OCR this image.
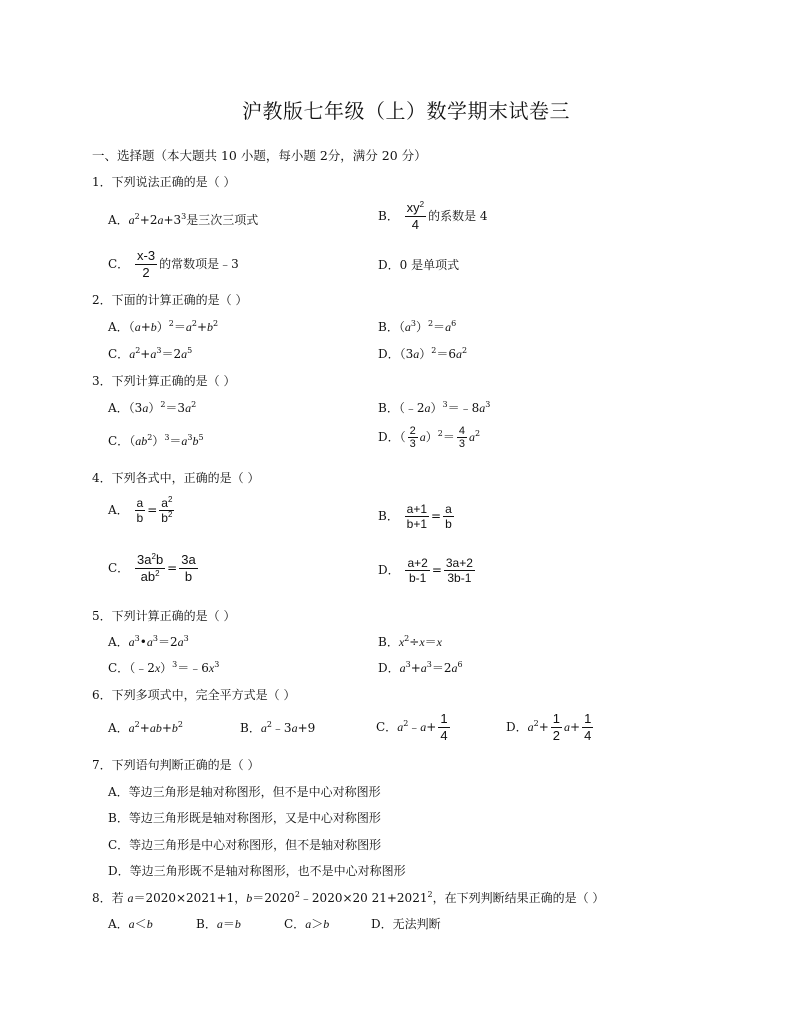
沪教版七年级（上）数学期末试卷三
一、选择题（本大题共 10 小题，每小题 2分，满分 20 分）
1．下列说法正确的是（ ）
A．$a^2+2a+3^3$是三次三项式	B． $\frac{xy^2}{4}$ 的系数是 4
C． $\frac{x-3}{2}$ 的常数项是﹣3	D．0 是单项式
2．下面的计算正确的是（ ）
A．$(a+b)^2=a^2+b^2$	B．$(a^3)^2=a^6$
C．$a^2+a^3=2a^5$	D．$(3a)^2=6a^2$
3．下列计算正确的是（ ）
A．$(3a)^2=3a^2$	B．$(﹣2a)^3=﹣8a^3$
C．$(ab^2)^3=a^3b^5$	D．（ $\frac{2}{3} a)^2= \frac{4}{3} a^2$
4．下列各式中，正确的是（ ）
A． $\frac{a}{b} = \frac{a^2}{b^2}$	B． $\frac{a+1}{b+1} = \frac{a}{b}$
C． $\frac{3a^2b}{ab^2} = \frac{3a}{b}$	D． $\frac{a+2}{b-1} = \frac{3a+2}{3b-1}$
5．下列计算正确的是（ ）
A．$a^3•a^3=2a^3$	B．$x^2\div x=x$
C．$(﹣2x)^3=﹣6x^3$	D．$a^3+a^3=2a^6$
6．下列多项式中，完全平方式是（ ）
A．$a^2+ab+b^2$	B．$a^2﹣3a+9$	C．$a^2﹣a+ \frac{1}{4}$	D．$a^2+ \frac{1}{2} a+ \frac{1}{4}$
7．下列语句判断正确的是（ ）
A．等边三角形是轴对称图形，但不是中心对称图形
B．等边三角形既是轴对称图形，又是中心对称图形
C．等边三角形是中心对称图形，但不是轴对称图形
D．等边三角形既不是轴对称图形，也不是中心对称图形
8．若 a＝2020×2021+1，$b=2020^2﹣2020\times 20$ $21+2021^2$，在下列判断结果正确的是（ ）
A．a＜b	B．a＝b	C．a＞b	D．无法判断
